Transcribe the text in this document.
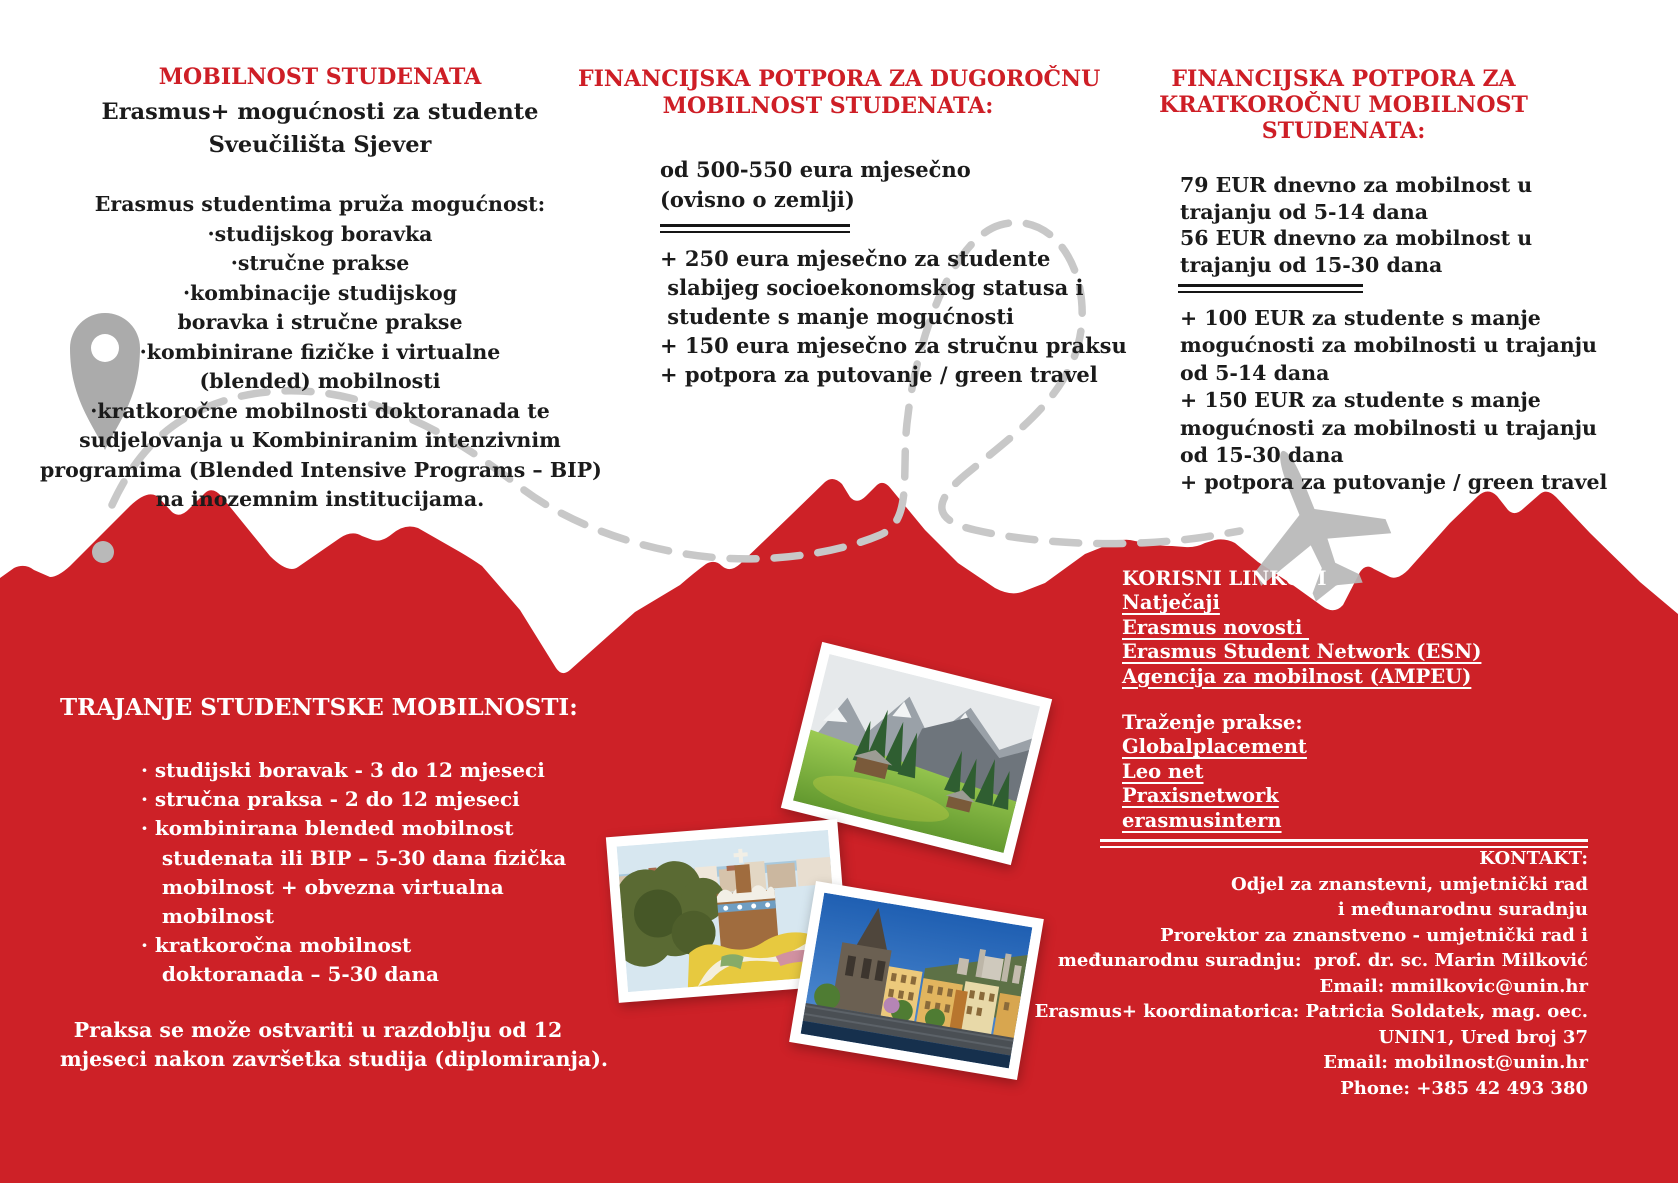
MOBILNOST STUDENATA
Erasmus+ mogućnosti za studente
Sveučilišta Sjever
Erasmus studentima pruža mogućnost:
·studijskog boravka
·stručne prakse
·kombinacije studijskog
boravka i stručne prakse
·kombinirane fizičke i virtualne
(blended) mobilnosti
·kratkoročne mobilnosti doktoranada te
sudjelovanja u Kombiniranim intenzivnim
programima (Blended Intensive Programs – BIP)
na inozemnim institucijama.
FINANCIJSKA POTPORA ZA DUGOROČNU
MOBILNOST STUDENATA:
od 500-550 eura mjesečno
(ovisno o zemlji)
+ 250 eura mjesečno za studente
slabijeg socioekonomskog statusa i
studente s manje mogućnosti
+ 150 eura mjesečno za stručnu praksu
+ potpora za putovanje / green travel
FINANCIJSKA POTPORA ZA
KRATKOROČNU MOBILNOST
STUDENATA:
79 EUR dnevno za mobilnost u
trajanju od 5-14 dana
56 EUR dnevno za mobilnost u
trajanju od 15-30 dana
+ 100 EUR za studente s manje
mogućnosti za mobilnosti u trajanju
od 5-14 dana
+ 150 EUR za studente s manje
mogućnosti za mobilnosti u trajanju
od 15-30 dana
+ potpora za putovanje / green travel
KORISNI LINKOVI
Natječaji
Erasmus novosti
Erasmus Student Network (ESN)
Agencija za mobilnost (AMPEU)
Traženje prakse:
Globalplacement
Leo net
Praxisnetwork
erasmusintern
KONTAKT:
Odjel za znanstevni, umjetnički rad
i međunarodnu suradnju
Prorektor za znanstveno - umjetnički rad i
međunarodnu suradnju:  prof. dr. sc. Marin Milković
Email: mmilkovic@unin.hr
Erasmus+ koordinatorica: Patricia Soldatek, mag. oec.
UNIN1, Ured broj 37
Email: mobilnost@unin.hr
Phone: +385 42 493 380
TRAJANJE STUDENTSKE MOBILNOSTI:
· studijski boravak - 3 do 12 mjeseci
· stručna praksa - 2 do 12 mjeseci
· kombinirana blended mobilnost
studenata ili BIP – 5-30 dana fizička
mobilnost + obvezna virtualna
mobilnost
· kratkoročna mobilnost
doktoranada – 5-30 dana
Praksa se može ostvariti u razdoblju od 12
mjeseci nakon završetka studija (diplomiranja).
